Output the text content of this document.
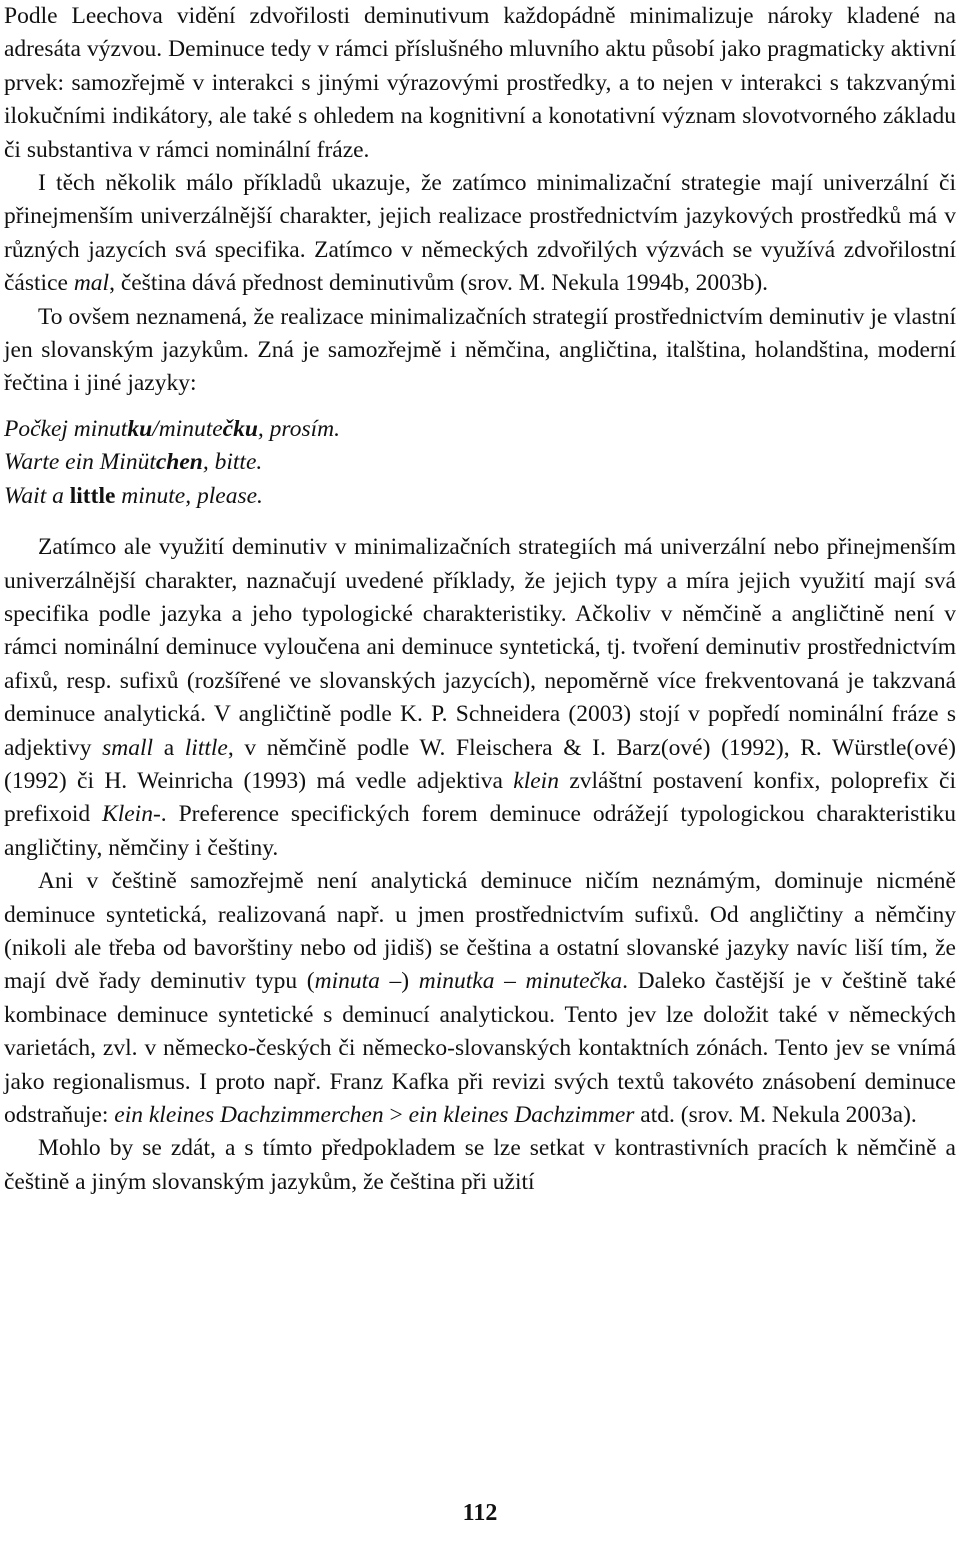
Podle Leechova vidění zdvořilosti deminutivum každopádně minimalizuje nároky kladené na adresáta výzvou. Deminuce tedy v rámci příslušného mluvního aktu působí jako pragmaticky aktivní prvek: samozřejmě v interakci s jinými výrazovými prostředky, a to nejen v interakci s takzvanými ilokučními indikátory, ale také s ohledem na kognitivní a konotativní význam slovotvorného základu či substantiva v rámci nominální fráze.

I těch několik málo příkladů ukazuje, že zatímco minimalizační strategie mají univerzální či přinejmenším univerzálnější charakter, jejich realizace prostřednictvím jazykových prostředků má v různých jazycích svá specifika. Zatímco v německých zdvořilých výzvách se využívá zdvořilostní částice mal, čeština dává přednost deminutivům (srov. M. Nekula 1994b, 2003b).

To ovšem neznamená, že realizace minimalizačních strategií prostřednictvím deminutiv je vlastní jen slovanským jazykům. Zná je samozřejmě i němčina, angličtina, italština, holandština, moderní řečtina i jiné jazyky:

Počkej minutku/minutečku, prosím.
Warte ein Minütchen, bitte.
Wait a little minute, please.

Zatímco ale využití deminutiv v minimalizačních strategiích má univerzální nebo přinejmenším univerzálnější charakter, naznačují uvedené příklady, že jejich typy a míra jejich využití mají svá specifika podle jazyka a jeho typologické charakteristiky. Ačkoliv v němčině a angličtině není v rámci nominální deminuce vyloučena ani deminuce syntetická, tj. tvoření deminutiv prostřednictvím afixů, resp. sufixů (rozšířené ve slovanských jazycích), nepoměrně více frekventovaná je takzvaná deminuce analytická. V angličtině podle K. P. Schneidera (2003) stojí v popředí nominální fráze s adjektivy small a little, v němčině podle W. Fleischera & I. Barz(ové) (1992), R. Würstle(ové) (1992) či H. Weinricha (1993) má vedle adjektiva klein zvláštní postavení konfix, poloprefix či prefixoid Klein-. Preference specifických forem deminuce odrážejí typologickou charakteristiku angličtiny, němčiny i češtiny.

Ani v češtině samozřejmě není analytická deminuce ničím neznámým, dominuje nicméně deminuce syntetická, realizovaná např. u jmen prostřednictvím sufixů. Od angličtiny a němčiny (nikoli ale třeba od bavorštiny nebo od jidiš) se čeština a ostatní slovanské jazyky navíc liší tím, že mají dvě řady deminutiv typu (minuta –) minutka – minutečka. Daleko častější je v češtině také kombinace deminuce syntetické s deminucí analytickou. Tento jev lze doložit také v německých varietách, zvl. v německo-českých či německo-slovanských kontaktních zónách. Tento jev se vnímá jako regionalismus. I proto např. Franz Kafka při revizi svých textů takovéto znásobení deminuce odstraňuje: ein kleines Dachzimmerchen > ein kleines Dachzimmer atd. (srov. M. Nekula 2003a).

Mohlo by se zdát, a s tímto předpokladem se lze setkat v kontrastivních pracích k němčině a češtině a jiným slovanským jazykům, že čeština při užití

112
